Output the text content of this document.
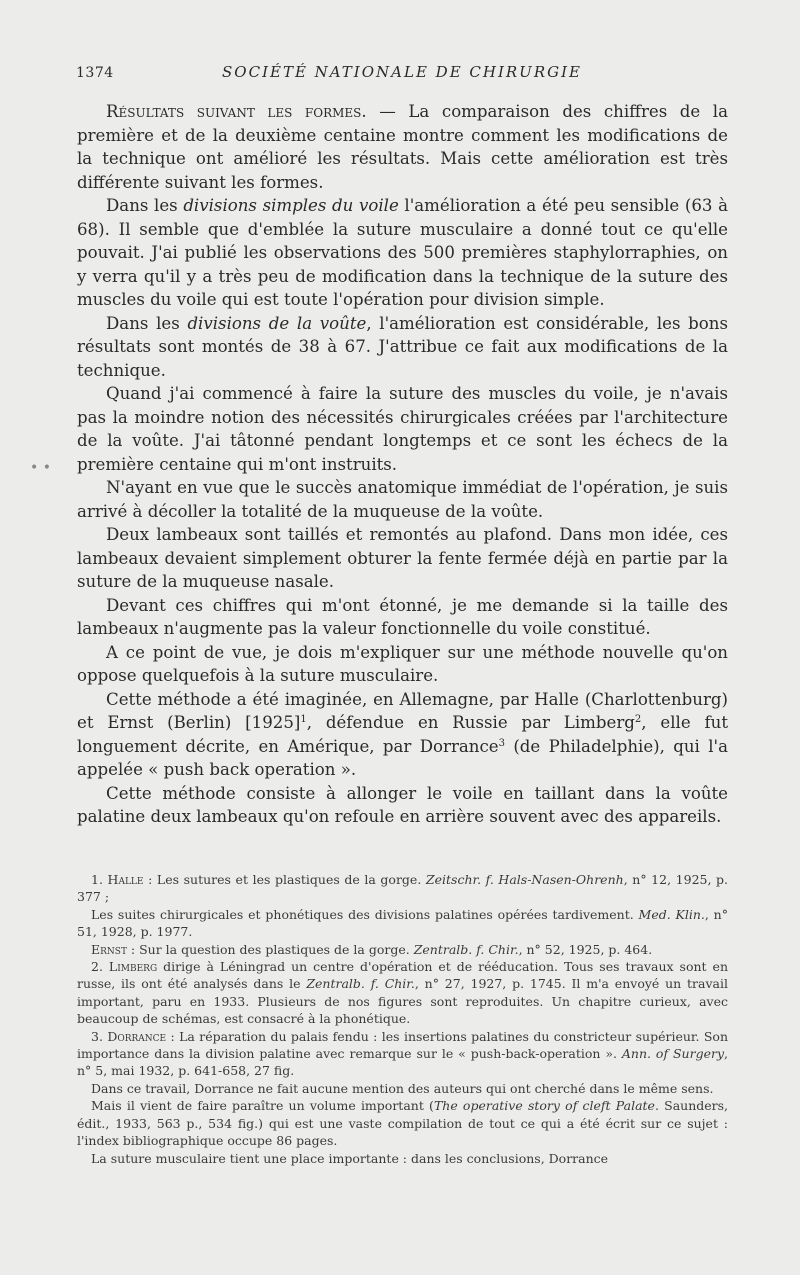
1374	SOCIÉTÉ NATIONALE DE CHIRURGIE
• •

Résultats suivant les formes. — La comparaison des chiffres de la première et de la deuxième centaine montre comment les modifications de la technique ont amélioré les résultats. Mais cette amélioration est très différente suivant les formes.

Dans les divisions simples du voile l'amélioration a été peu sensible (63 à 68). Il semble que d'emblée la suture musculaire a donné tout ce qu'elle pouvait. J'ai publié les observations des 500 premières staphylorraphies, on y verra qu'il y a très peu de modification dans la technique de la suture des muscles du voile qui est toute l'opération pour division simple.

Dans les divisions de la voûte, l'amélioration est considérable, les bons résultats sont montés de 38 à 67. J'attribue ce fait aux modifications de la technique.

Quand j'ai commencé à faire la suture des muscles du voile, je n'avais pas la moindre notion des nécessités chirurgicales créées par l'architecture de la voûte. J'ai tâtonné pendant longtemps et ce sont les échecs de la première centaine qui m'ont instruits.

N'ayant en vue que le succès anatomique immédiat de l'opération, je suis arrivé à décoller la totalité de la muqueuse de la voûte.

Deux lambeaux sont taillés et remontés au plafond. Dans mon idée, ces lambeaux devaient simplement obturer la fente fermée déjà en partie par la suture de la muqueuse nasale.

Devant ces chiffres qui m'ont étonné, je me demande si la taille des lambeaux n'augmente pas la valeur fonctionnelle du voile constitué.

A ce point de vue, je dois m'expliquer sur une méthode nouvelle qu'on oppose quelquefois à la suture musculaire.

Cette méthode a été imaginée, en Allemagne, par Halle (Charlottenburg) et Ernst (Berlin) $[1925]^1$, défendue en Russie par Limberg$^2$, elle fut longuement décrite, en Amérique, par Dorrance$^3$ (de Philadelphie), qui l'a appelée « push back operation ».

Cette méthode consiste à allonger le voile en taillant dans la voûte palatine deux lambeaux qu'on refoule en arrière souvent avec des appareils.

1. Halle : Les sutures et les plastiques de la gorge. Zeitschr. f. Hals-Nasen-Ohrenh, n° 12, 1925, p. 377 ;

Les suites chirurgicales et phonétiques des divisions palatines opérées tardivement. Med. Klin., n° 51, 1928, p. 1977.

Ernst : Sur la question des plastiques de la gorge. Zentralb. f. Chir., n° 52, 1925, p. 464.

2. Limberg dirige à Léningrad un centre d'opération et de rééducation. Tous ses travaux sont en russe, ils ont été analysés dans le Zentralb. f. Chir., n° 27, 1927, p. 1745. Il m'a envoyé un travail important, paru en 1933. Plusieurs de nos figures sont reproduites. Un chapitre curieux, avec beaucoup de schémas, est consacré à la phonétique.

3. Dorrance : La réparation du palais fendu : les insertions palatines du constricteur supérieur. Son importance dans la division palatine avec remarque sur le « push-back-operation ». Ann. of Surgery, n° 5, mai 1932, p. 641-658, 27 fig.

Dans ce travail, Dorrance ne fait aucune mention des auteurs qui ont cherché dans le même sens.

Mais il vient de faire paraître un volume important (The operative story of cleft Palate. Saunders, édit., 1933, 563 p., 534 fig.) qui est une vaste compilation de tout ce qui a été écrit sur ce sujet : l'index bibliographique occupe 86 pages.

La suture musculaire tient une place importante : dans les conclusions, Dorrance
